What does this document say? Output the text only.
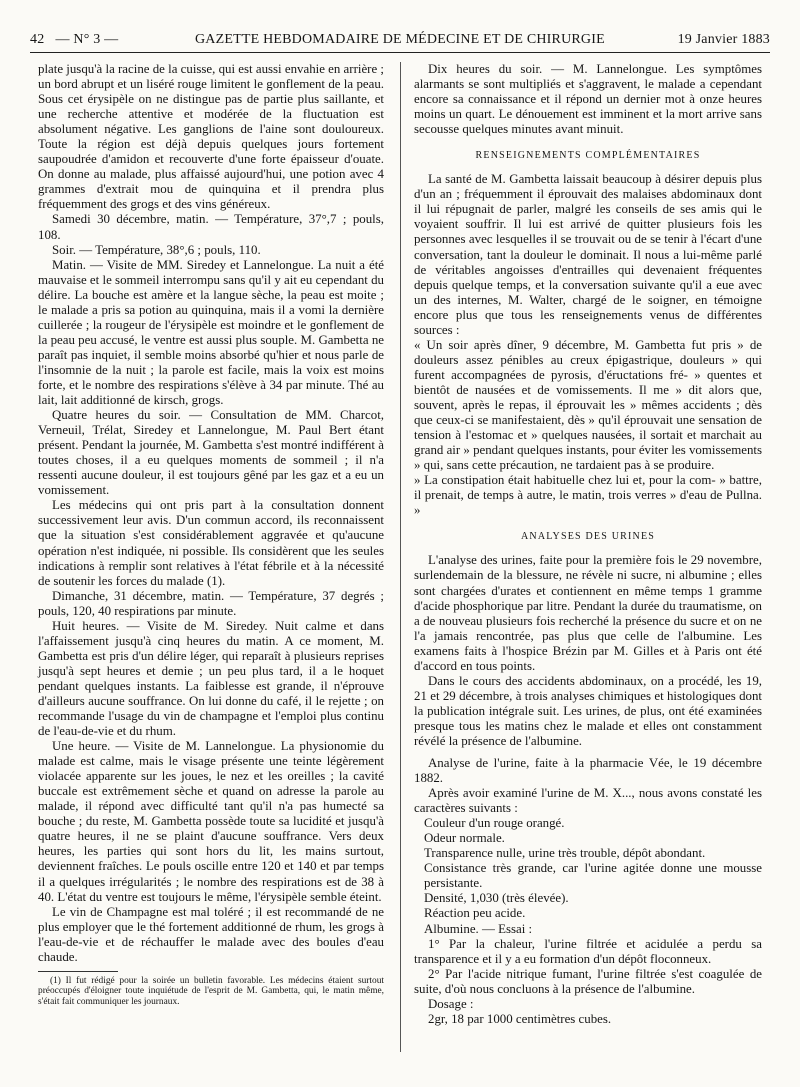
42 — N° 3 —	GAZETTE HEBDOMADAIRE DE MÉDECINE ET DE CHIRURGIE	19 Janvier 1883

plate jusqu'à la racine de la cuisse, qui est aussi envahie en arrière ; un bord abrupt et un liséré rouge limitent le gonflement de la peau. Sous cet érysipèle on ne distingue pas de partie plus saillante, et une recherche attentive et modérée de la fluctuation est absolument négative. Les ganglions de l'aine sont douloureux. Toute la région est déjà depuis quelques jours fortement saupoudrée d'amidon et recouverte d'une forte épaisseur d'ouate. On donne au malade, plus affaissé aujourd'hui, une potion avec 4 grammes d'extrait mou de quinquina et il prendra plus fréquemment des grogs et des vins généreux.

Samedi 30 décembre, matin. — Température, 37°,7 ; pouls, 108.

Soir. — Température, 38°,6 ; pouls, 110.

Matin. — Visite de MM. Siredey et Lannelongue. La nuit a été mauvaise et le sommeil interrompu sans qu'il y ait eu cependant du délire. La bouche est amère et la langue sèche, la peau est moite ; le malade a pris sa potion au quinquina, mais il a vomi la dernière cuillerée ; la rougeur de l'érysipèle est moindre et le gonflement de la peau peu accusé, le ventre est aussi plus souple. M. Gambetta ne paraît pas inquiet, il semble moins absorbé qu'hier et nous parle de l'insomnie de la nuit ; la parole est facile, mais la voix est moins forte, et le nombre des respirations s'élève à 34 par minute. Thé au lait, lait additionné de kirsch, grogs.

Quatre heures du soir. — Consultation de MM. Charcot, Verneuil, Trélat, Siredey et Lannelongue, M. Paul Bert étant présent. Pendant la journée, M. Gambetta s'est montré indifférent à toutes choses, il a eu quelques moments de sommeil ; il n'a ressenti aucune douleur, il est toujours gêné par les gaz et a eu un vomissement.

Les médecins qui ont pris part à la consultation donnent successivement leur avis. D'un commun accord, ils reconnaissent que la situation s'est considérablement aggravée et qu'aucune opération n'est indiquée, ni possible. Ils considèrent que les seules indications à remplir sont relatives à l'état fébrile et à la nécessité de soutenir les forces du malade (1).

Dimanche, 31 décembre, matin. — Température, 37 degrés ; pouls, 120, 40 respirations par minute.

Huit heures. — Visite de M. Siredey. Nuit calme et dans l'affaissement jusqu'à cinq heures du matin. A ce moment, M. Gambetta est pris d'un délire léger, qui reparaît à plusieurs reprises jusqu'à sept heures et demie ; un peu plus tard, il a le hoquet pendant quelques instants. La faiblesse est grande, il n'éprouve d'ailleurs aucune souffrance. On lui donne du café, il le rejette ; on recommande l'usage du vin de champagne et l'emploi plus continu de l'eau-de-vie et du rhum.

Une heure. — Visite de M. Lannelongue. La physionomie du malade est calme, mais le visage présente une teinte légèrement violacée apparente sur les joues, le nez et les oreilles ; la cavité buccale est extrêmement sèche et quand on adresse la parole au malade, il répond avec difficulté tant qu'il n'a pas humecté sa bouche ; du reste, M. Gambetta possède toute sa lucidité et jusqu'à quatre heures, il ne se plaint d'aucune souffrance. Vers deux heures, les parties qui sont hors du lit, les mains surtout, deviennent fraîches. Le pouls oscille entre 120 et 140 et par temps il a quelques irrégularités ; le nombre des respirations est de 38 à 40. L'état du ventre est toujours le même, l'érysipèle semble éteint.

Le vin de Champagne est mal toléré ; il est recommandé de ne plus employer que le thé fortement additionné de rhum, les grogs à l'eau-de-vie et de réchauffer le malade avec des boules d'eau chaude.

(1) Il fut rédigé pour la soirée un bulletin favorable. Les médecins étaient surtout préoccupés d'éloigner toute inquiétude de l'esprit de M. Gambetta, qui, le matin même, s'était fait communiquer les journaux.

Dix heures du soir. — M. Lannelongue. Les symptômes alarmants se sont multipliés et s'aggravent, le malade a cependant encore sa connaissance et il répond un dernier mot à onze heures moins un quart. Le dénouement est imminent et la mort arrive sans secousse quelques minutes avant minuit.

RENSEIGNEMENTS COMPLÉMENTAIRES

La santé de M. Gambetta laissait beaucoup à désirer depuis plus d'un an ; fréquemment il éprouvait des malaises abdominaux dont il lui répugnait de parler, malgré les conseils de ses amis qui le voyaient souffrir. Il lui est arrivé de quitter plusieurs fois les personnes avec lesquelles il se trouvait ou de se tenir à l'écart d'une conversation, tant la douleur le dominait. Il nous a lui-même parlé de véritables angoisses d'entrailles qui devenaient fréquentes depuis quelque temps, et la conversation suivante qu'il a eue avec un des internes, M. Walter, chargé de le soigner, en témoigne encore plus que tous les renseignements venus de différentes sources :

« Un soir après dîner, 9 décembre, M. Gambetta fut pris » de douleurs assez pénibles au creux épigastrique, douleurs » qui furent accompagnées de pyrosis, d'éructations fré- » quentes et bientôt de nausées et de vomissements. Il me » dit alors que, souvent, après le repas, il éprouvait les » mêmes accidents ; dès que ceux-ci se manifestaient, dès » qu'il éprouvait une sensation de tension à l'estomac et » quelques nausées, il sortait et marchait au grand air » pendant quelques instants, pour éviter les vomissements » qui, sans cette précaution, ne tardaient pas à se produire.

» La constipation était habituelle chez lui et, pour la com- » battre, il prenait, de temps à autre, le matin, trois verres » d'eau de Pullna. »

ANALYSES DES URINES

L'analyse des urines, faite pour la première fois le 29 novembre, surlendemain de la blessure, ne révèle ni sucre, ni albumine ; elles sont chargées d'urates et contiennent en même temps 1 gramme d'acide phosphorique par litre. Pendant la durée du traumatisme, on a de nouveau plusieurs fois recherché la présence du sucre et on ne l'a jamais rencontrée, pas plus que celle de l'albumine. Les examens faits à l'hospice Brézin par M. Gilles et à Paris ont été d'accord en tous points.

Dans le cours des accidents abdominaux, on a procédé, les 19, 21 et 29 décembre, à trois analyses chimiques et histologiques dont la publication intégrale suit. Les urines, de plus, ont été examinées presque tous les matins chez le malade et elles ont constamment révélé la présence de l'albumine.

Analyse de l'urine, faite à la pharmacie Vée, le 19 décembre 1882.

Après avoir examiné l'urine de M. X..., nous avons constaté les caractères suivants :

Couleur d'un rouge orangé.

Odeur normale.

Transparence nulle, urine très trouble, dépôt abondant.

Consistance très grande, car l'urine agitée donne une mousse persistante.

Densité, 1,030 (très élevée).

Réaction peu acide.

Albumine. — Essai :

1° Par la chaleur, l'urine filtrée et acidulée a perdu sa transparence et il y a eu formation d'un dépôt floconneux.

2° Par l'acide nitrique fumant, l'urine filtrée s'est coagulée de suite, d'où nous concluons à la présence de l'albumine.

Dosage :

2gr, 18 par 1000 centimètres cubes.
